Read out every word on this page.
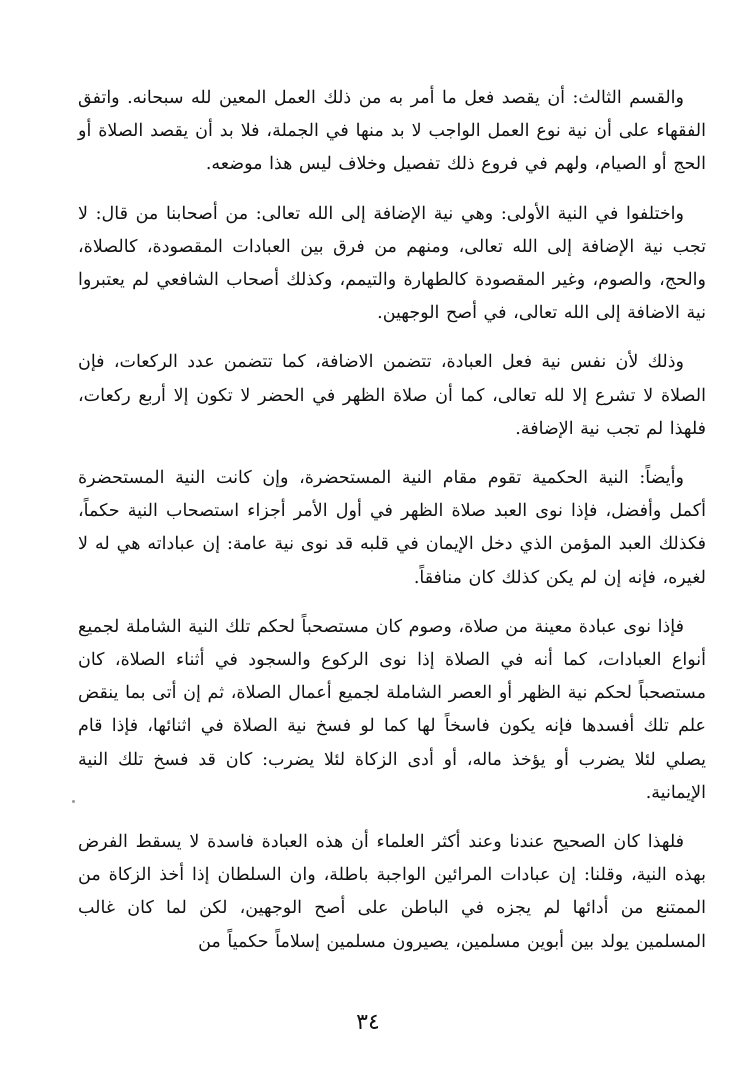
والقسم الثالث: أن يقصد فعل ما أمر به من ذلك العمل المعين لله سبحانه. واتفق الفقهاء على أن نية نوع العمل الواجب لا بد منها في الجملة، فلا بد أن يقصد الصلاة أو الحج أو الصيام، ولهم في فروع ذلك تفصيل وخلاف ليس هذا موضعه.

واختلفوا في النية الأولى: وهي نية الإضافة إلى الله تعالى: من أصحابنا من قال: لا تجب نية الإضافة إلى الله تعالى، ومنهم من فرق بين العبادات المقصودة، كالصلاة، والحج، والصوم، وغير المقصودة كالطهارة والتيمم، وكذلك أصحاب الشافعي لم يعتبروا نية الاضافة إلى الله تعالى، في أصح الوجهين.

وذلك لأن نفس نية فعل العبادة، تتضمن الاضافة، كما تتضمن عدد الركعات، فإن الصلاة لا تشرع إلا لله تعالى، كما أن صلاة الظهر في الحضر لا تكون إلا أربع ركعات، فلهذا لم تجب نية الإضافة.

وأيضاً: النية الحكمية تقوم مقام النية المستحضرة، وإن كانت النية المستحضرة أكمل وأفضل، فإذا نوى العبد صلاة الظهر في أول الأمر أجزاء استصحاب النية حكماً، فكذلك العبد المؤمن الذي دخل الإيمان في قلبه قد نوى نية عامة: إن عباداته هي له لا لغيره، فإنه إن لم يكن كذلك كان منافقاً.

فإذا نوى عبادة معينة من صلاة، وصوم كان مستصحباً لحكم تلك النية الشاملة لجميع أنواع العبادات، كما أنه في الصلاة إذا نوى الركوع والسجود في أثناء الصلاة، كان مستصحباً لحكم نية الظهر أو العصر الشاملة لجميع أعمال الصلاة، ثم إن أتى بما ينقض علم تلك أفسدها فإنه يكون فاسخاً لها كما لو فسخ نية الصلاة في اثنائها، فإذا قام يصلي لئلا يضرب أو يؤخذ ماله، أو أدى الزكاة لئلا يضرب: كان قد فسخ تلك النية الإيمانية.

فلهذا كان الصحيح عندنا وعند أكثر العلماء أن هذه العبادة فاسدة لا يسقط الفرض بهذه النية، وقلنا: إن عبادات المرائين الواجبة باطلة، وان السلطان إذا أخذ الزكاة من الممتنع من أدائها لم يجزه في الباطن على أصح الوجهين، لكن لما كان غالب المسلمين يولد بين أبوين مسلمين، يصيرون مسلمين إسلاماً حكمياً من

٣٤
